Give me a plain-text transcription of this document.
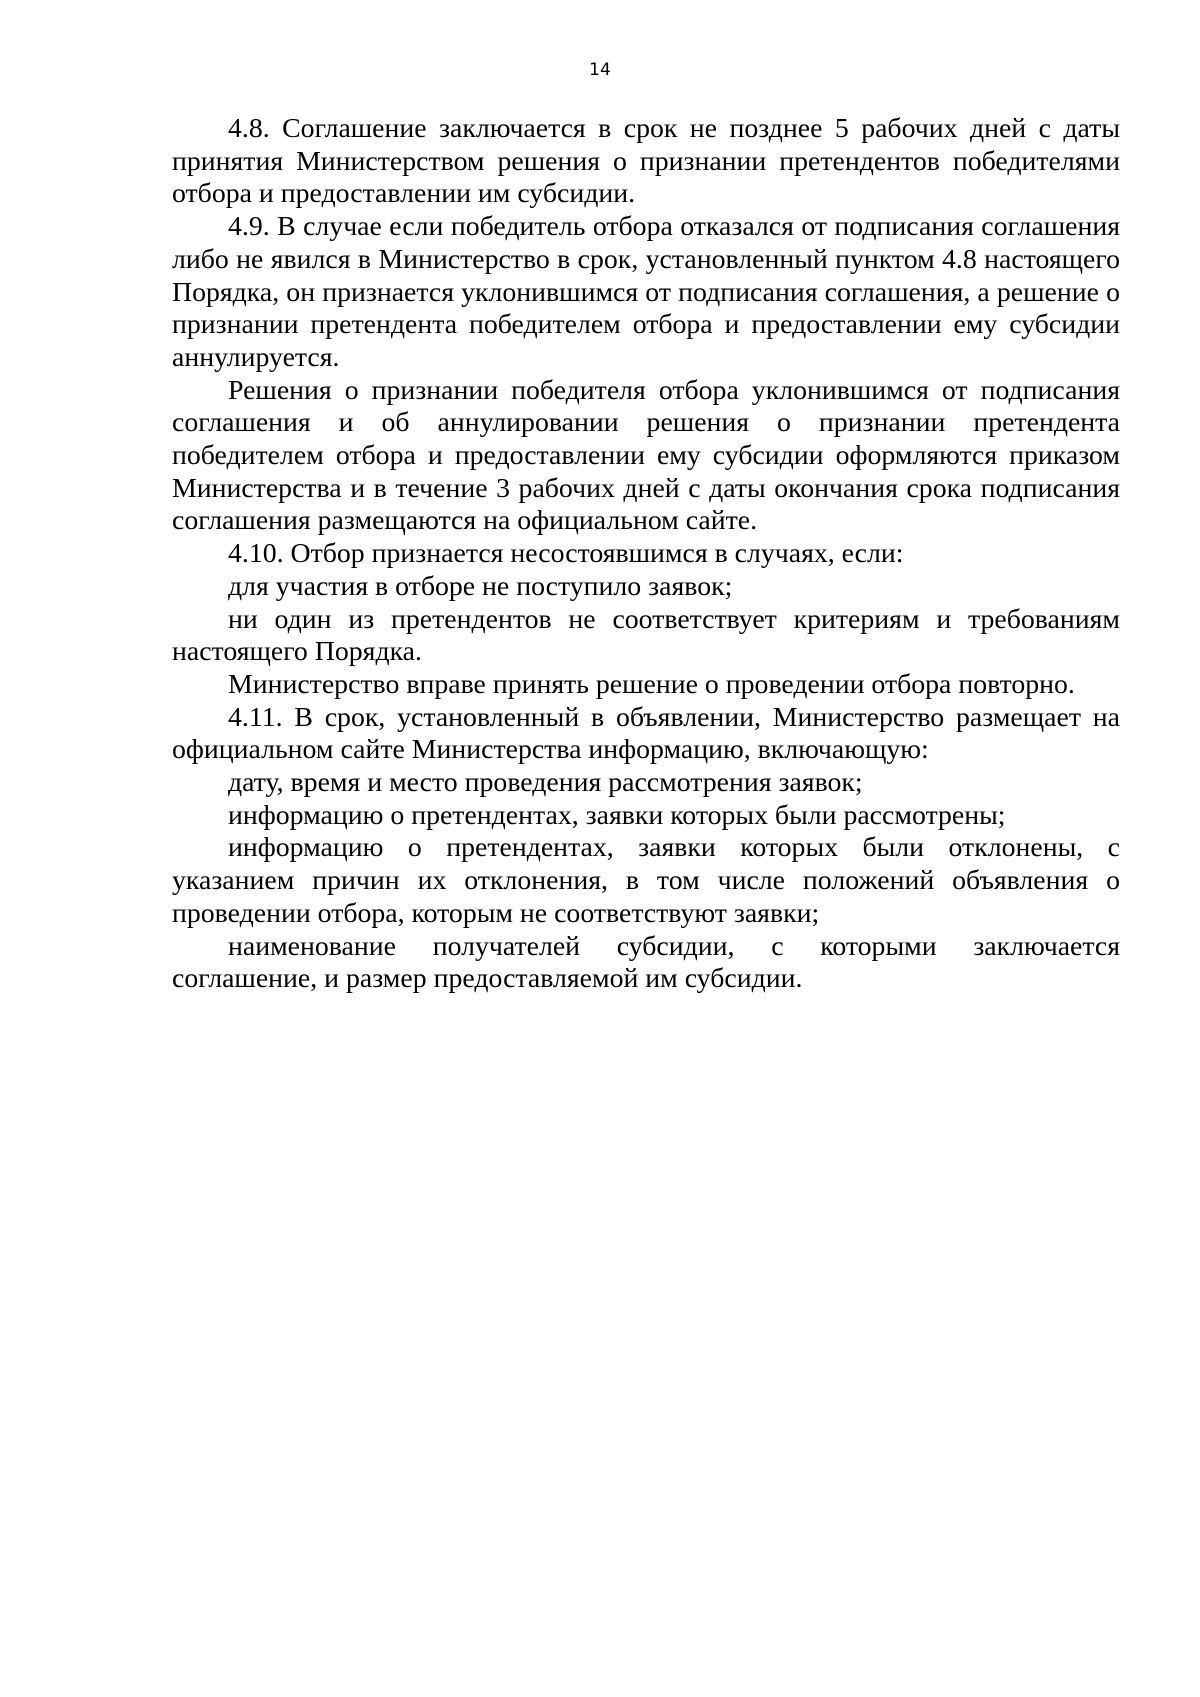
14

4.8. Соглашение заключается в срок не позднее 5 рабочих дней с даты принятия Министерством решения о признании претендентов победителями отбора и предоставлении им субсидии.

4.9. В случае если победитель отбора отказался от подписания соглашения либо не явился в Министерство в срок, установленный пунктом 4.8 настоящего Порядка, он признается уклонившимся от подписания соглашения, а решение о признании претендента победителем отбора и предоставлении ему субсидии аннулируется.

Решения о признании победителя отбора уклонившимся от подписания соглашения и об аннулировании решения о признании претендента победителем отбора и предоставлении ему субсидии оформляются приказом Министерства и в течение 3 рабочих дней с даты окончания срока подписания соглашения размещаются на официальном сайте.

4.10. Отбор признается несостоявшимся в случаях, если:

для участия в отборе не поступило заявок;

ни один из претендентов не соответствует критериям и требованиям настоящего Порядка.

Министерство вправе принять решение о проведении отбора повторно.

4.11. В срок, установленный в объявлении, Министерство размещает на официальном сайте Министерства информацию, включающую:

дату, время и место проведения рассмотрения заявок;

информацию о претендентах, заявки которых были рассмотрены;

информацию о претендентах, заявки которых были отклонены, с указанием причин их отклонения, в том числе положений объявления о проведении отбора, которым не соответствуют заявки;

наименование получателей субсидии, с которыми заключается соглашение, и размер предоставляемой им субсидии.
